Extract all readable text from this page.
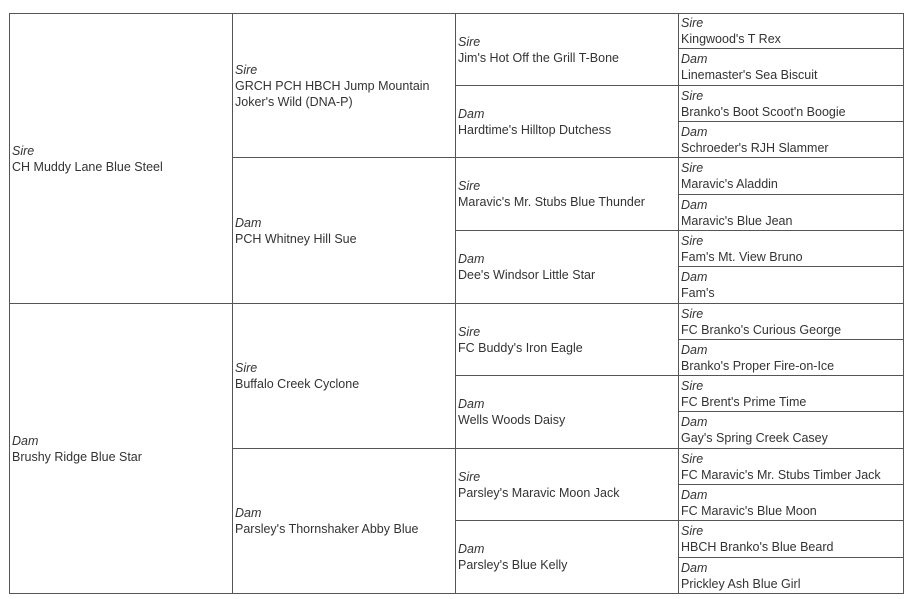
Sire
CH Muddy Lane Blue Steel
Dam
Brushy Ridge Blue Star
Sire
GRCH PCH HBCH Jump Mountain Joker's Wild (DNA-P)
Dam
PCH Whitney Hill Sue
Sire
Buffalo Creek Cyclone
Dam
Parsley's Thornshaker Abby Blue
Sire
Jim's Hot Off the Grill T-Bone
Dam
Hardtime's Hilltop Dutchess
Sire
Maravic's Mr. Stubs Blue Thunder
Dam
Dee's Windsor Little Star
Sire
FC Buddy's Iron Eagle
Dam
Wells Woods Daisy
Sire
Parsley's Maravic Moon Jack
Dam
Parsley's Blue Kelly
Sire
Kingwood's T Rex
Dam
Linemaster's Sea Biscuit
Sire
Branko's Boot Scoot'n Boogie
Dam
Schroeder's RJH Slammer
Sire
Maravic's Aladdin
Dam
Maravic's Blue Jean
Sire
Fam's Mt. View Bruno
Dam
Fam's
Sire
FC Branko's Curious George
Dam
Branko's Proper Fire-on-Ice
Sire
FC Brent's Prime Time
Dam
Gay's Spring Creek Casey
Sire
FC Maravic's Mr. Stubs Timber Jack
Dam
FC Maravic's Blue Moon
Sire
HBCH Branko's Blue Beard
Dam
Prickley Ash Blue Girl
